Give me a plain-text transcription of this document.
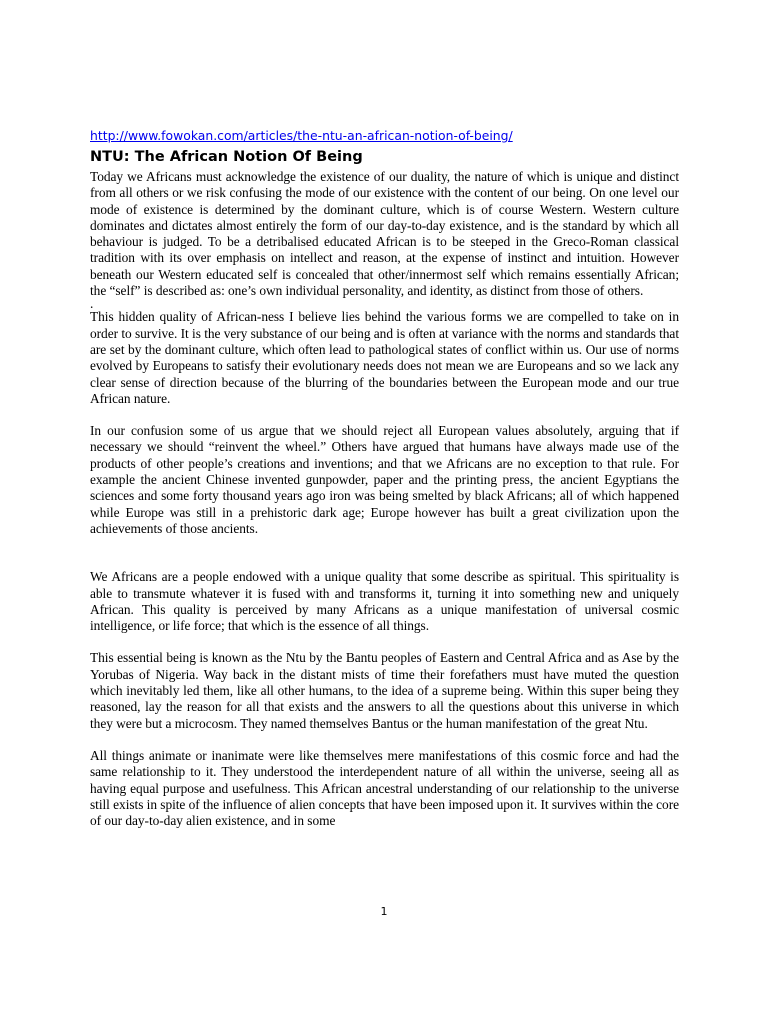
http://www.fowokan.com/articles/the-ntu-an-african-notion-of-being/
NTU: The African Notion Of Being

Today we Africans must acknowledge the existence of our duality, the nature of which is unique and distinct from all others or we risk confusing the mode of our existence with the content of our being. On one level our mode of existence is determined by the dominant culture, which is of course Western. Western culture dominates and dictates almost entirely the form of our day-to-day existence, and is the standard by which all behaviour is judged. To be a detribalised educated African is to be steeped in the Greco-Roman classical tradition with its over emphasis on intellect and reason, at the expense of instinct and intuition. However beneath our Western educated self is concealed that other/innermost self which remains essentially African; the “self” is described as: one’s own individual personality, and identity, as distinct from those of others.

.

This hidden quality of African-ness I believe lies behind the various forms we are compelled to take on in order to survive. It is the very substance of our being and is often at variance with the norms and standards that are set by the dominant culture, which often lead to pathological states of conflict within us. Our use of norms evolved by Europeans to satisfy their evolutionary needs does not mean we are Europeans and so we lack any clear sense of direction because of the blurring of the boundaries between the European mode and our true African nature.

In our confusion some of us argue that we should reject all European values absolutely, arguing that if necessary we should “reinvent the wheel.” Others have argued that humans have always made use of the products of other people’s creations and inventions; and that we Africans are no exception to that rule. For example the ancient Chinese invented gunpowder, paper and the printing press, the ancient Egyptians the sciences and some forty thousand years ago iron was being smelted by black Africans; all of which happened while Europe was still in a prehistoric dark age; Europe however has built a great civilization upon the achievements of those ancients.

We Africans are a people endowed with a unique quality that some describe as spiritual. This spirituality is able to transmute whatever it is fused with and transforms it, turning it into something new and uniquely African. This quality is perceived by many Africans as a unique manifestation of universal cosmic intelligence, or life force; that which is the essence of all things.

This essential being is known as the Ntu by the Bantu peoples of Eastern and Central Africa and as Ase by the Yorubas of Nigeria. Way back in the distant mists of time their forefathers must have muted the question which inevitably led them, like all other humans, to the idea of a supreme being. Within this super being they reasoned, lay the reason for all that exists and the answers to all the questions about this universe in which they were but a microcosm. They named themselves Bantus or the human manifestation of the great Ntu.

All things animate or inanimate were like themselves mere manifestations of this cosmic force and had the same relationship to it. They understood the interdependent nature of all within the universe, seeing all as having equal purpose and usefulness. This African ancestral understanding of our relationship to the universe still exists in spite of the influence of alien concepts that have been imposed upon it. It survives within the core of our day-to-day alien existence, and in some

1
